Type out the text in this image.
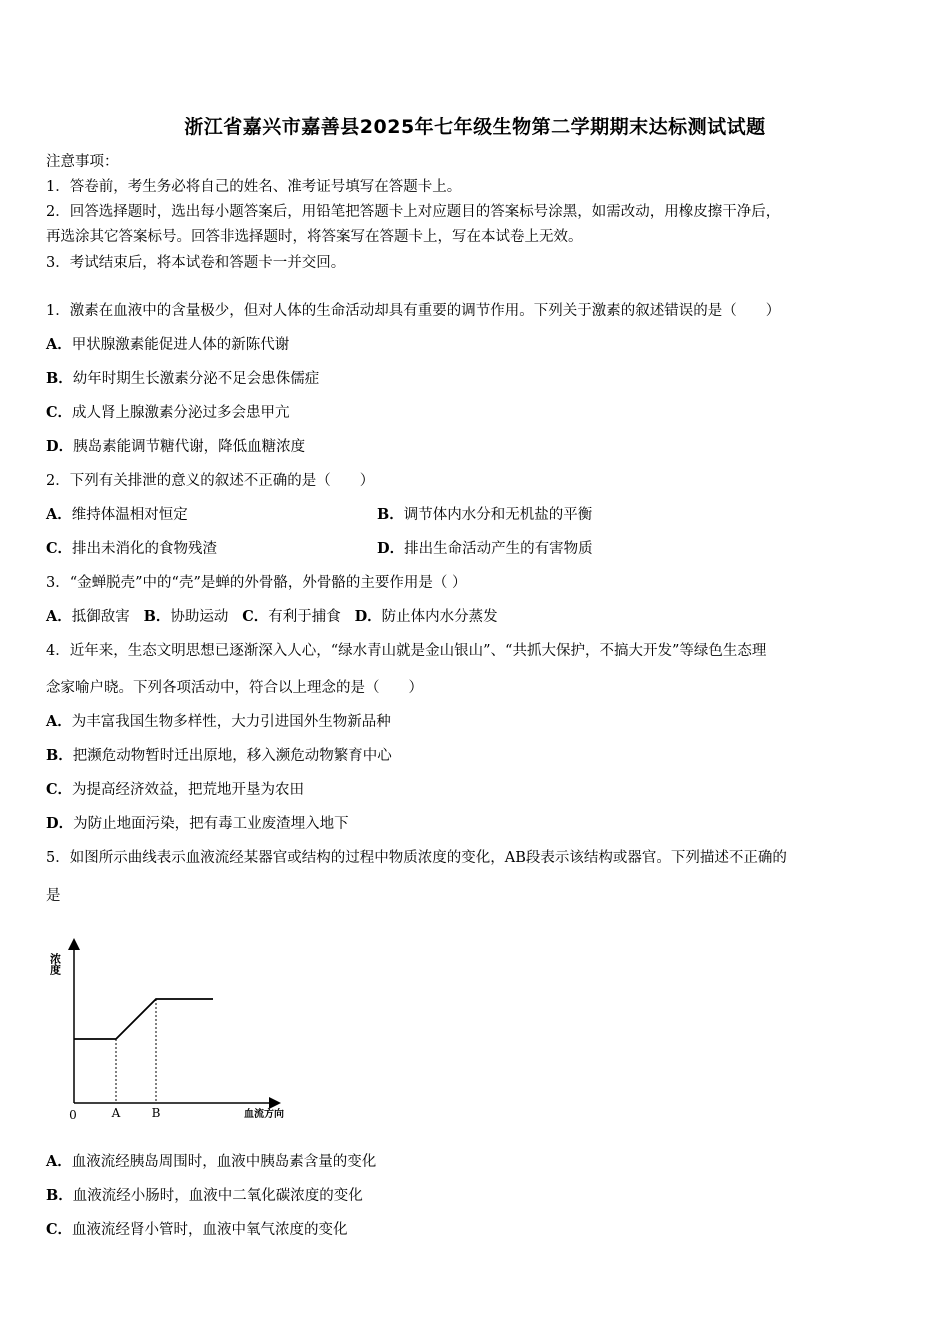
浙江省嘉兴市嘉善县2025年七年级生物第二学期期末达标测试试题
注意事项：
1．答卷前，考生务必将自己的姓名、准考证号填写在答题卡上。
2．回答选择题时，选出每小题答案后，用铅笔把答题卡上对应题目的答案标号涂黑，如需改动，用橡皮擦干净后，
再选涂其它答案标号。回答非选择题时，将答案写在答题卡上，写在本试卷上无效。
3．考试结束后，将本试卷和答题卡一并交回。
1．激素在血液中的含量极少，但对人体的生命活动却具有重要的调节作用。下列关于激素的叙述错误的是（　　）
A．甲状腺激素能促进人体的新陈代谢
B．幼年时期生长激素分泌不足会患侏儒症
C．成人肾上腺激素分泌过多会患甲亢
D．胰岛素能调节糖代谢，降低血糖浓度
2．下列有关排泄的意义的叙述不正确的是（　　）
A．维持体温相对恒定	B．调节体内水分和无机盐的平衡
C．排出未消化的食物残渣	D．排出生命活动产生的有害物质
3．“金蝉脱壳”中的“壳”是蝉的外骨骼，外骨骼的主要作用是（ ）
A．抵御敌害 B．协助运动 C．有利于捕食 D．防止体内水分蒸发
4．近年来，生态文明思想已逐渐深入人心，“绿水青山就是金山银山”、“共抓大保护，不搞大开发”等绿色生态理
念家喻户晓。下列各项活动中，符合以上理念的是（　　）
A．为丰富我国生物多样性，大力引进国外生物新品种
B．把濒危动物暂时迁出原地，移入濒危动物繁育中心
C．为提高经济效益，把荒地开垦为农田
D．为防止地面污染，把有毒工业废渣埋入地下
5．如图所示曲线表示血液流经某器官或结构的过程中物质浓度的变化，AB段表示该结构或器官。下列描述不正确的
是
浓度
血流方向
0	A	B
A．血液流经胰岛周围时，血液中胰岛素含量的变化
B．血液流经小肠时，血液中二氧化碳浓度的变化
C．血液流经肾小管时，血液中氧气浓度的变化
